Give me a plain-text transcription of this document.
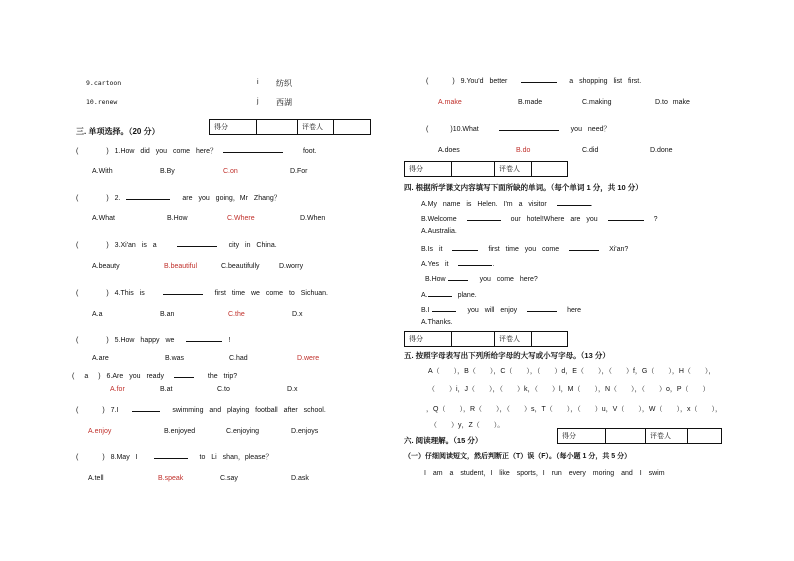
9.cartoon	i 纺织
10.renew	j 西湖
得分		评卷人	
三. 单项选择。（20 分）
(	) 1.How did you come here？	foot.
A.With	B.By	C.on	D.For
(	) 2.	are you going，Mr Zhang？
A.What	B.How	C.Where	D.When
(	) 3.Xi'an is a	city in China.
A.beauty	B.beautiful	C.beautifully	D.worry
(	) 4.This is	first time we come to Sichuan.
A.a	B.an	C.the	D.x
(	) 5.How happy we	!
A.are	B.was	C.had	D.were
( a ) 6.Are you ready	the trip?
A.for	B.at	C.to	D.x
(	) 7.I	swimming and playing football after school.
A.enjoy	B.enjoyed	C.enjoying	D.enjoys
(	) 8.May I	to Li shan，please？
A.tell	B.speak	C.say	D.ask
(	) 9.You'd better	a shopping list first.
A.make	B.made	C.making	D.to make
(	)10.What	you need？
A.does	B.do	C.did	D.done
得分		评卷人	
四. 根据所学课文内容填写下面所缺的单词。（每个单词 1 分，共 10 分）
A.My name is Helen. I'm a visitor	.
B.Welcome	our hotel!Where are you	?
A.Australia.
B.Is it	first time you come	Xi'an?
A.Yes it	.
B.How	you come here?
A.	plane.
B.I	you will enjoy	here
A.Thanks.
得分		评卷人	
五. 按照字母表写出下列所给字母的大写或小写字母。（13 分）
A（　　），B（　　），C（　　），（　　）d，E（　　），（　　）f，G（　　），H（　　），
（　　）i，J（　　），（　　）k，（　　）l，M（　　），N（　　），（　　）o，P（　　）
，Q（　　），R（　　），（　　）s，T（　　），（　　）u，V（　　），W（　　），x（　　），
（　　）y，Z（　　）。
得分		评卷人	
六. 阅读理解。（15 分）
（一）仔细阅读短文，然后判断正（T）误（F）。（每小题 1 分，共 5 分）
I am a student，I like sports，I run every moring and I swim
